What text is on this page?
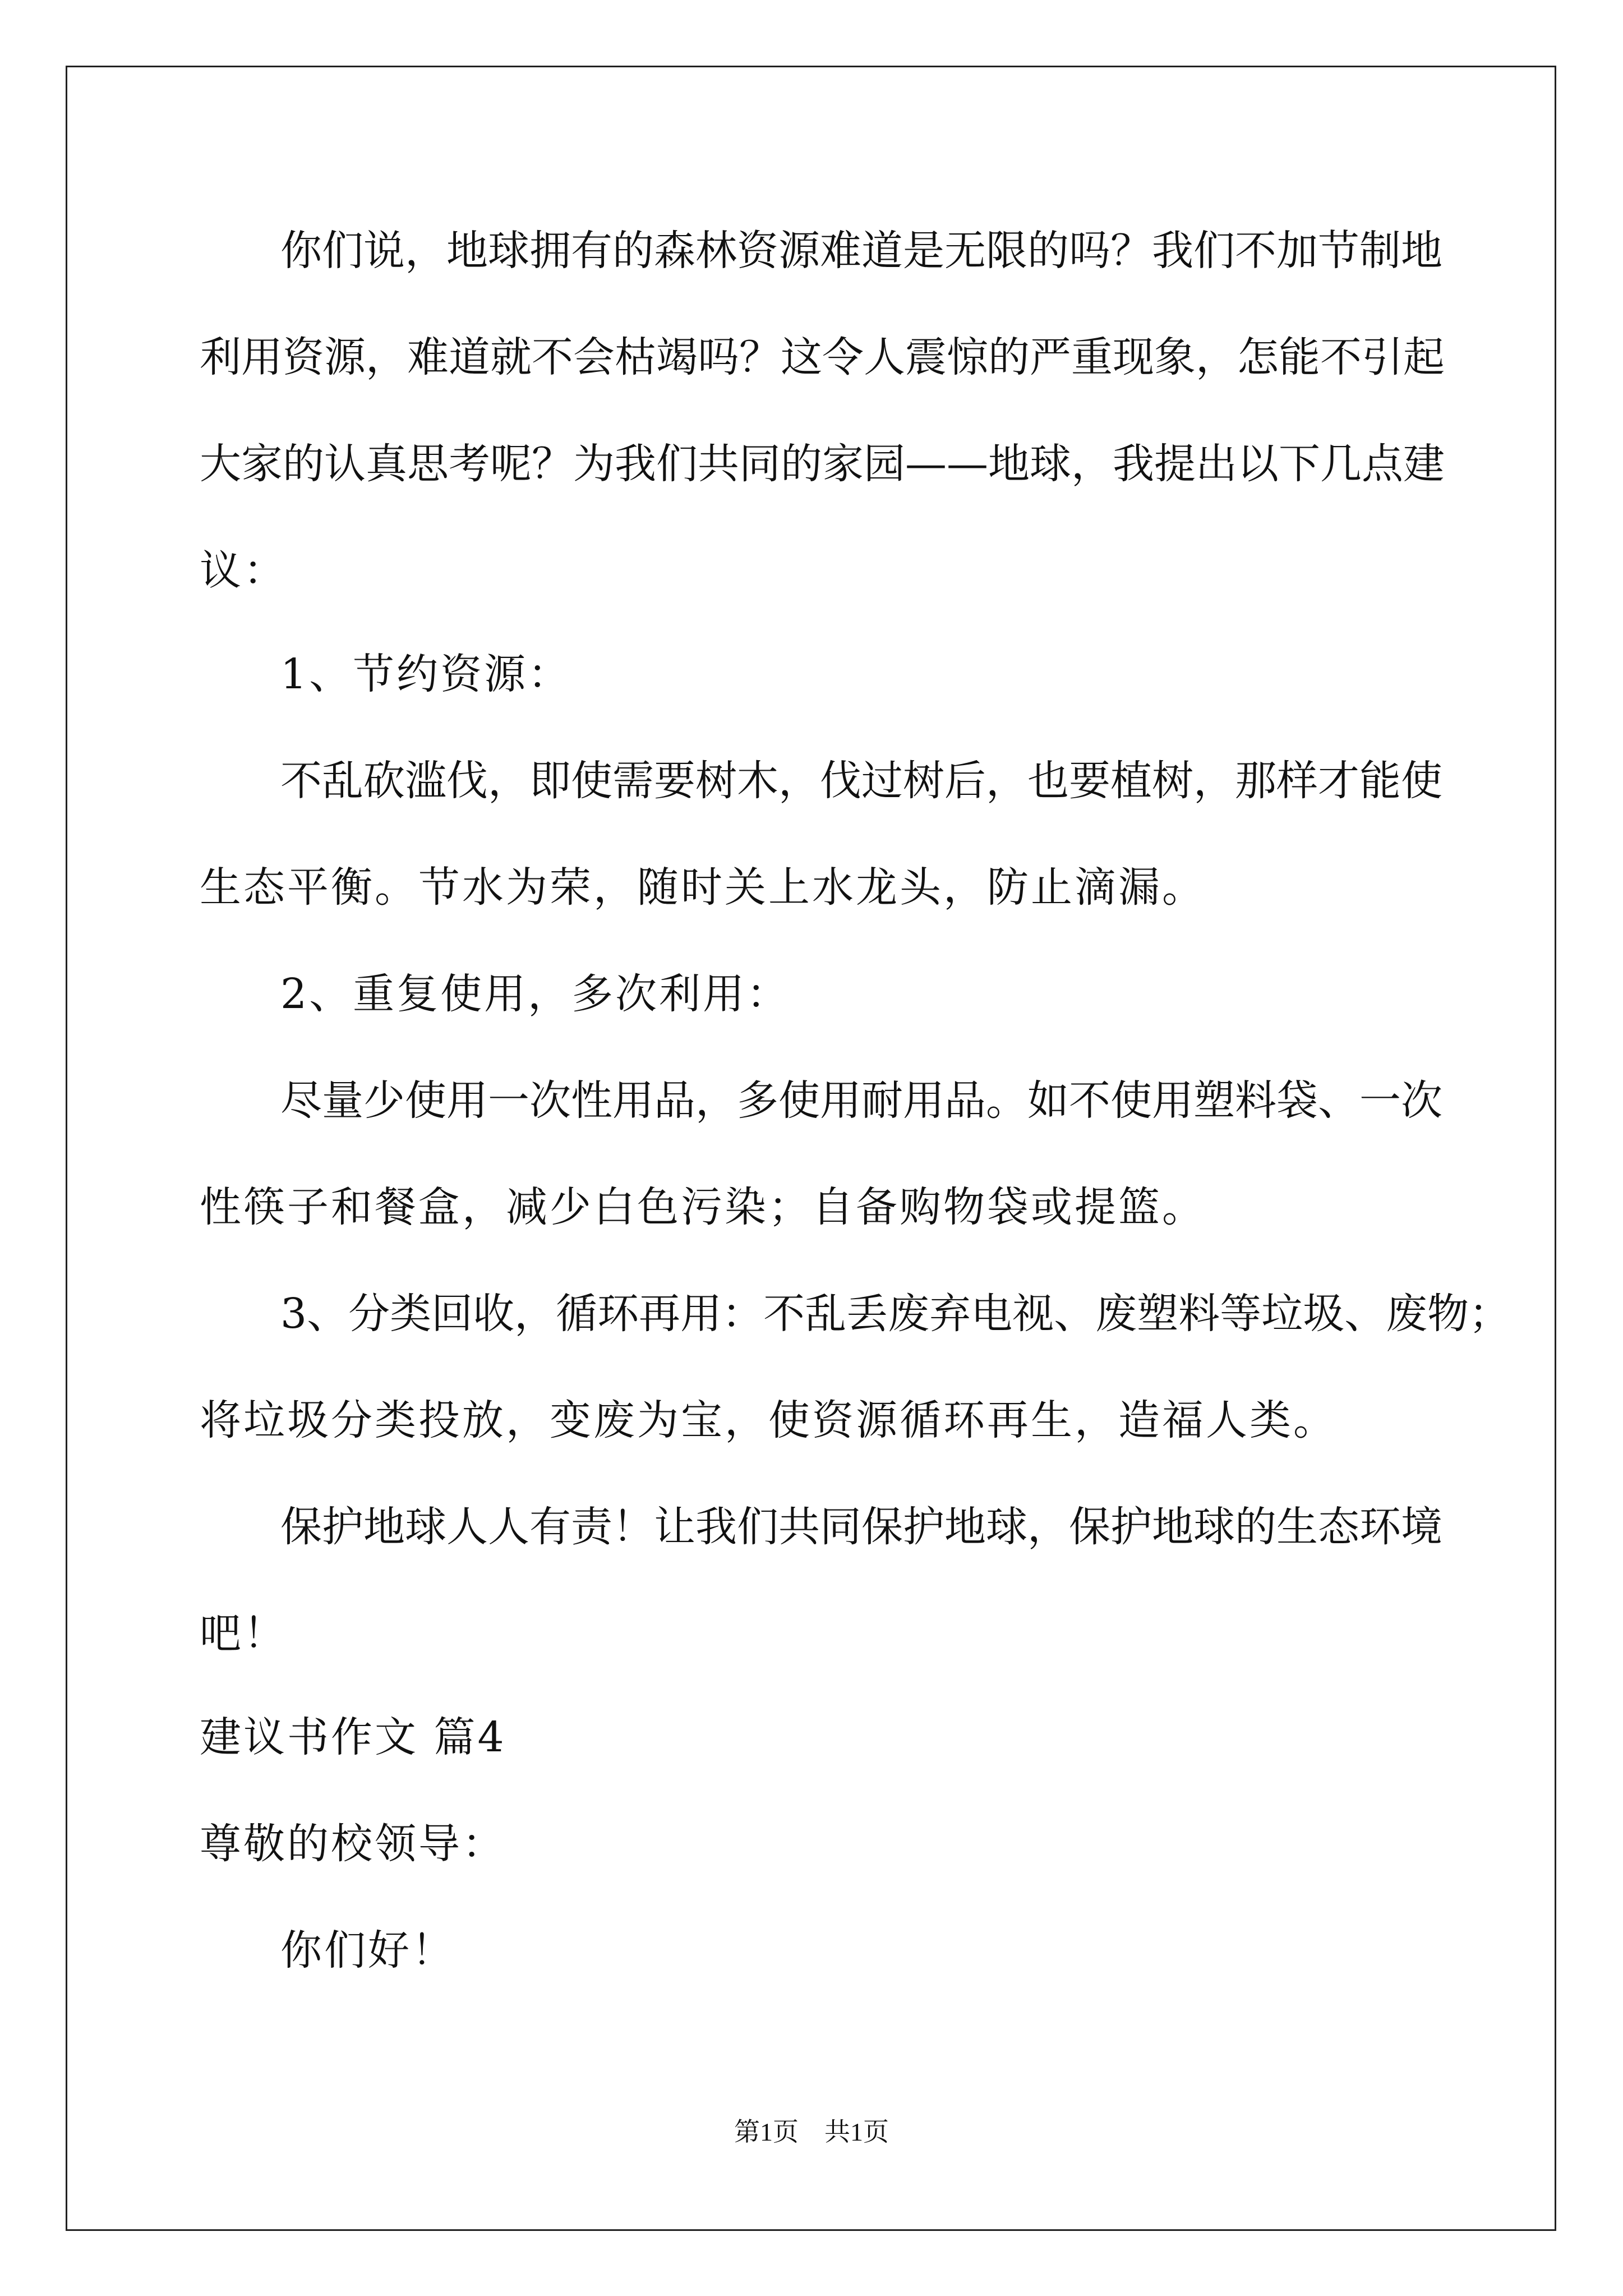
你们说，地球拥有的森林资源难道是无限的吗？我们不加节制地
利用资源，难道就不会枯竭吗？这令人震惊的严重现象，怎能不引起
大家的认真思考呢？为我们共同的家园——地球，我提出以下几点建
议：
1、节约资源：
不乱砍滥伐，即使需要树木，伐过树后，也要植树，那样才能使
生态平衡。节水为荣，随时关上水龙头，防止滴漏。
2、重复使用，多次利用：
尽量少使用一次性用品，多使用耐用品。如不使用塑料袋、一次
性筷子和餐盒，减少白色污染；自备购物袋或提篮。
3、分类回收，循环再用：不乱丢废弃电视、废塑料等垃圾、废物；
将垃圾分类投放，变废为宝，使资源循环再生，造福人类。
保护地球人人有责！让我们共同保护地球，保护地球的生态环境
吧！
建议书作文 篇4
尊敬的校领导：
你们好！
第1页　共1页
